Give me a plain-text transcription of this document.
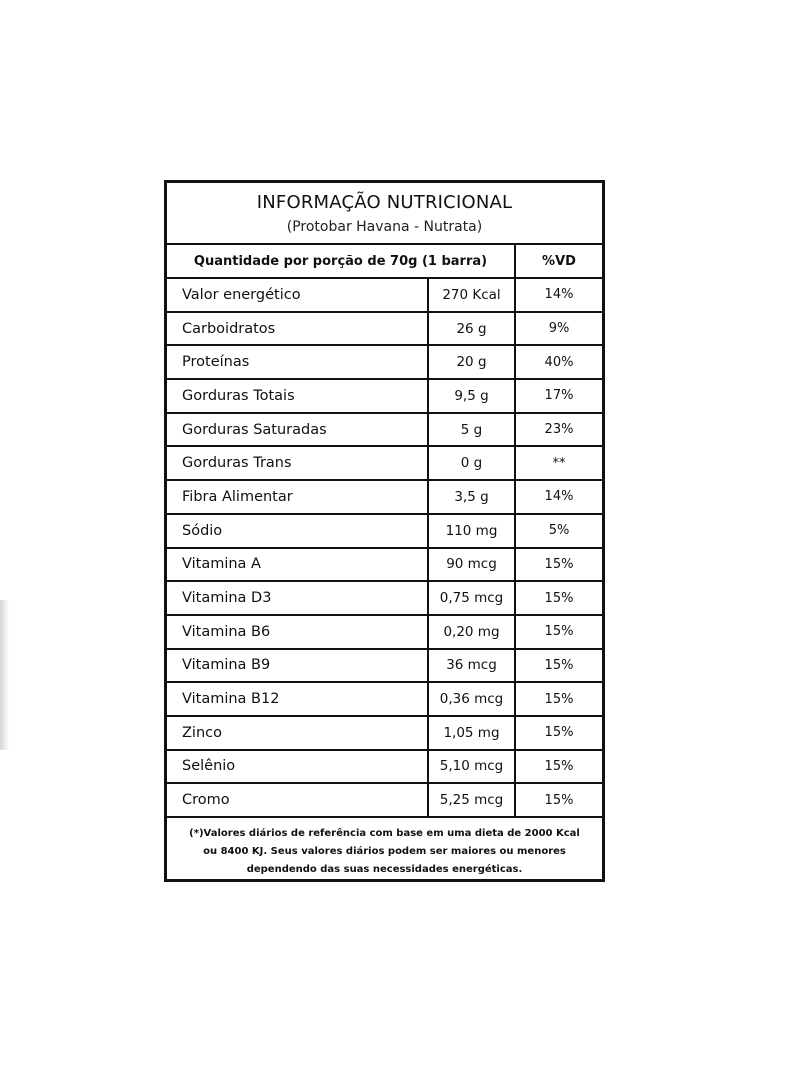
INFORMAÇÃO NUTRICIONAL
(Protobar Havana - Nutrata)
Quantidade por porção de 70g (1 barra)	%VD
Valor energético	270 Kcal	14%
Carboidratos	26 g	9%
Proteínas	20 g	40%
Gorduras Totais	9,5 g	17%
Gorduras Saturadas	5 g	23%
Gorduras Trans	0 g	**
Fibra Alimentar	3,5 g	14%
Sódio	110 mg	5%
Vitamina A	90 mcg	15%
Vitamina D3	0,75 mcg	15%
Vitamina B6	0,20 mg	15%
Vitamina B9	36 mcg	15%
Vitamina B12	0,36 mcg	15%
Zinco	1,05 mg	15%
Selênio	5,10 mcg	15%
Cromo	5,25 mcg	15%
(*)Valores diários de referência com base em uma dieta de 2000 Kcal ou 8400 KJ. Seus valores diários podem ser maiores ou menores dependendo das suas necessidades energéticas.
